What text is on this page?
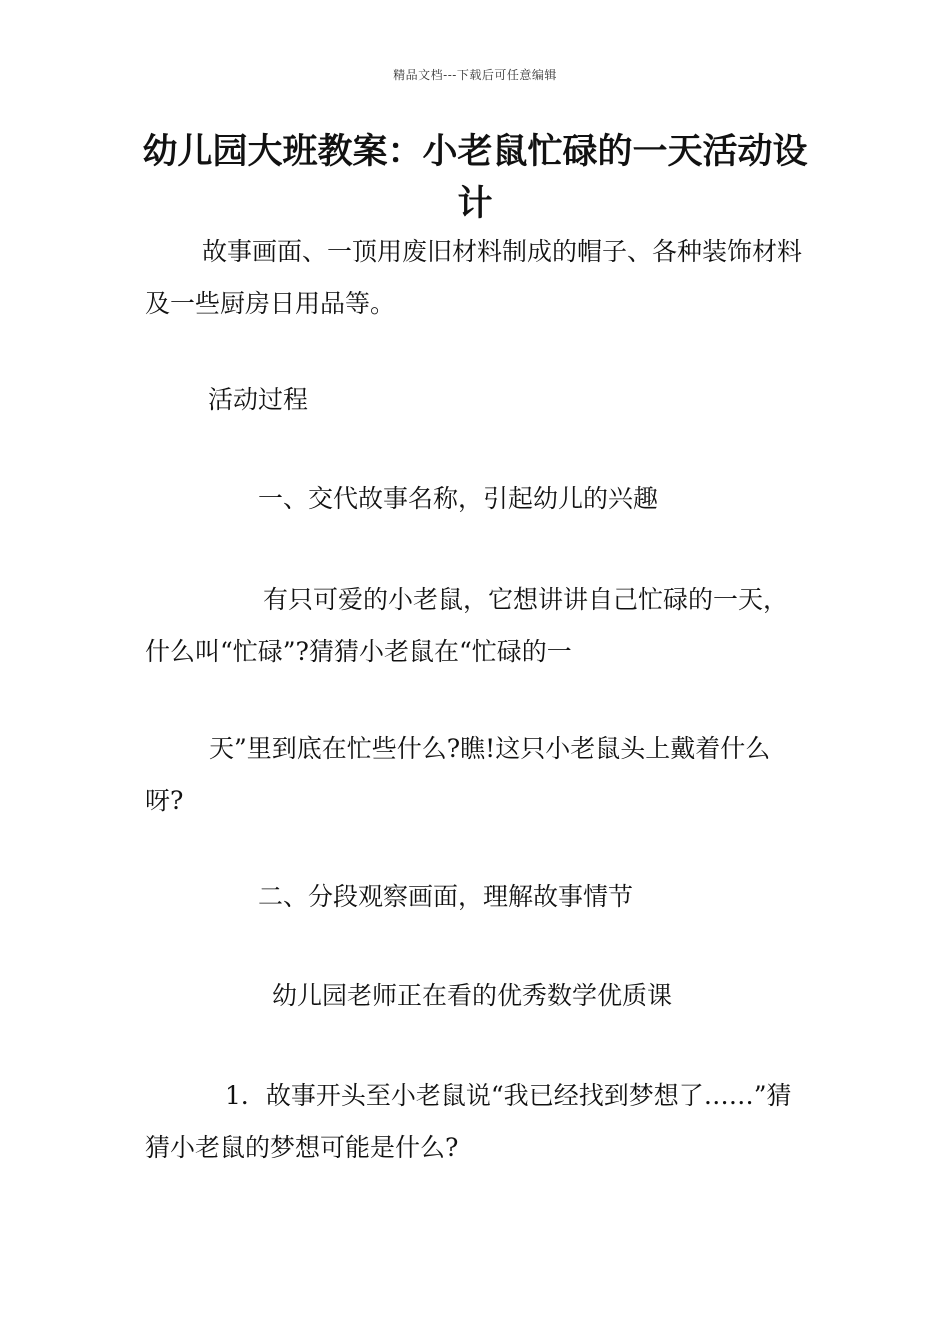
精品文档---下载后可任意编辑
幼儿园大班教案：小老鼠忙碌的一天活动设计

故事画面、一顶用废旧材料制成的帽子、各种装饰材料及一些厨房日用品等。

活动过程

一、交代故事名称，引起幼儿的兴趣

有只可爱的小老鼠，它想讲讲自己忙碌的一天，什么叫“忙碌”?猜猜小老鼠在“忙碌的一

天”里到底在忙些什么?瞧!这只小老鼠头上戴着什么呀?

二、分段观察画面，理解故事情节

幼儿园老师正在看的优秀数学优质课

1．故事开头至小老鼠说“我已经找到梦想了……”猜猜小老鼠的梦想可能是什么?
